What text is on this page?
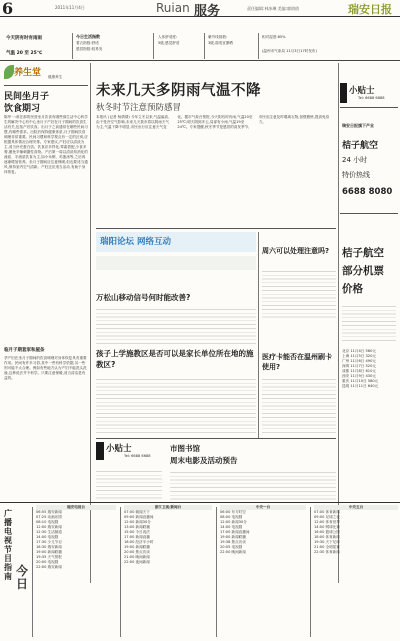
6	2011年11月4日	Ruian 服务	责任编辑:林冰琳 美编:廖倩倩	瑞安日报
今天阴有时有雨雨
气温 20 至 25℃
今日生活指数
着衣指数:舒适
感冒指数:较易发
人体舒适度:
5级,感觉舒适
紫外线指数:
3级,弱适宜暴晒
相对湿度:85%
(温州市气象局 11月3日17时发布)
养生堂 健康养生
民间坐月子
饮食期习
陈华一:谁在那的民营坐月饮食有哪些那生活中心科学生的解决中心有中心坐月子产妇在月子期间的饮食生活有关,包括产后饮食。出月子之前通常在哪些民间习惯,有哪些需求。出院后保持健康体质,月子期间饮食调理非常重要。民间习惯和科学观点有一定的区别,应根据具体情况合理安排。专家建议,产妇应以清淡为主,适当补充蛋白质。饮食应多样化,荤素搭配,少食多餐,避免辛辣刺激性食物。产后第一周以清淡易消化的流质、半流质饮食为主,如小米粥、鸡蛋汤等,之后再逐渐增加营养。坐月子期间应注意保暖,但也要适当通风,保持室内空气清新。产妇还应适当活动,有助于身体恢复。
临月子期套家和屋条
孕产妇在坐月子期间的饮食调理对身体恢复具有重要作用。民间有许多习俗,其中一些有科学依据,另一些则可能不太合理。例如有些地方认为产妇不能洗头洗澡,这种说法并不科学。只要注意保暖,适当清洁是有益的。
未来几天多阴雨气温不降
秋冬时节注意预防感冒
本报讯 (记者 杨倩倩) 今年立冬以来,气温偏高,由于受冷空气影响,未来几天我市将以阴雨天气为主,气温下降不明显,市民出行应注意天气变化。据市气象台预报,今天阴有时有雨,气温20至25℃;明天阴到多云,局部有小雨,气温19至24℃。专家提醒,秋冬季节是感冒的高发季节,市民应注意及时增减衣物,加强锻炼,提高免疫力。
瑞阳论坛 网络互动
万松山移动信号何时能改善?
孩子上学施教区是否可以是家长单位所在地的施教区?
周六可以处理注意吗?
医疗卡能否在温州刷卡使用?
小贴士
Tel: 6688 6688
市图书馆
周末电影及活动预告
小贴士
Tel: 6688 6688
瑞安日报旗下产业
桔子航空
24 小时
特价热线
6688 8080
桔子航空
部分机票
价格
北京 11月4日 560元
上海 11月5日 320元
广州 11月6日 490元
深圳 11月7日 520元
成都 11月8日 610元
西安 11月9日 430元
重庆 11月10日 580元
昆明 11月11日 640元
广播电视节目指南 今日
瑞安电视台
06:55 瑞安新闻
07:25 动画乐园
08:10 电视剧
12:00 瑞安新闻
12:30 生活频道
14:00 电视剧
17:30 少儿节目
18:30 瑞安新闻
19:00 新闻联播
19:35 天气预报
20:00 电视剧
22:00 瑞安新闻
浙江卫视/新闻台
07:00 朝闻天下
09:00 新闻直播间
12:00 新闻30分
13:00 新闻联播
15:00 今日说法
17:00 新闻直播
18:00 经济半小时
19:00 新闻联播
20:00 焦点访谈
21:00 晚间新闻
22:00 夜间新闻
中央一台
06:00 东方时空
08:00 电视剧
12:00 新闻30分
14:00 电视剧
17:00 新闻直播间
19:00 新闻联播
19:38 焦点访谈
20:05 电视剧
22:00 晚间新闻
中央五台
07:00 体育新闻
09:00 足球之夜
12:00 体育世界
14:00 网球比赛
16:00 篮球公园
18:00 体育新闻
19:30 天下足球
21:00 全明星赛
22:30 体育新闻
